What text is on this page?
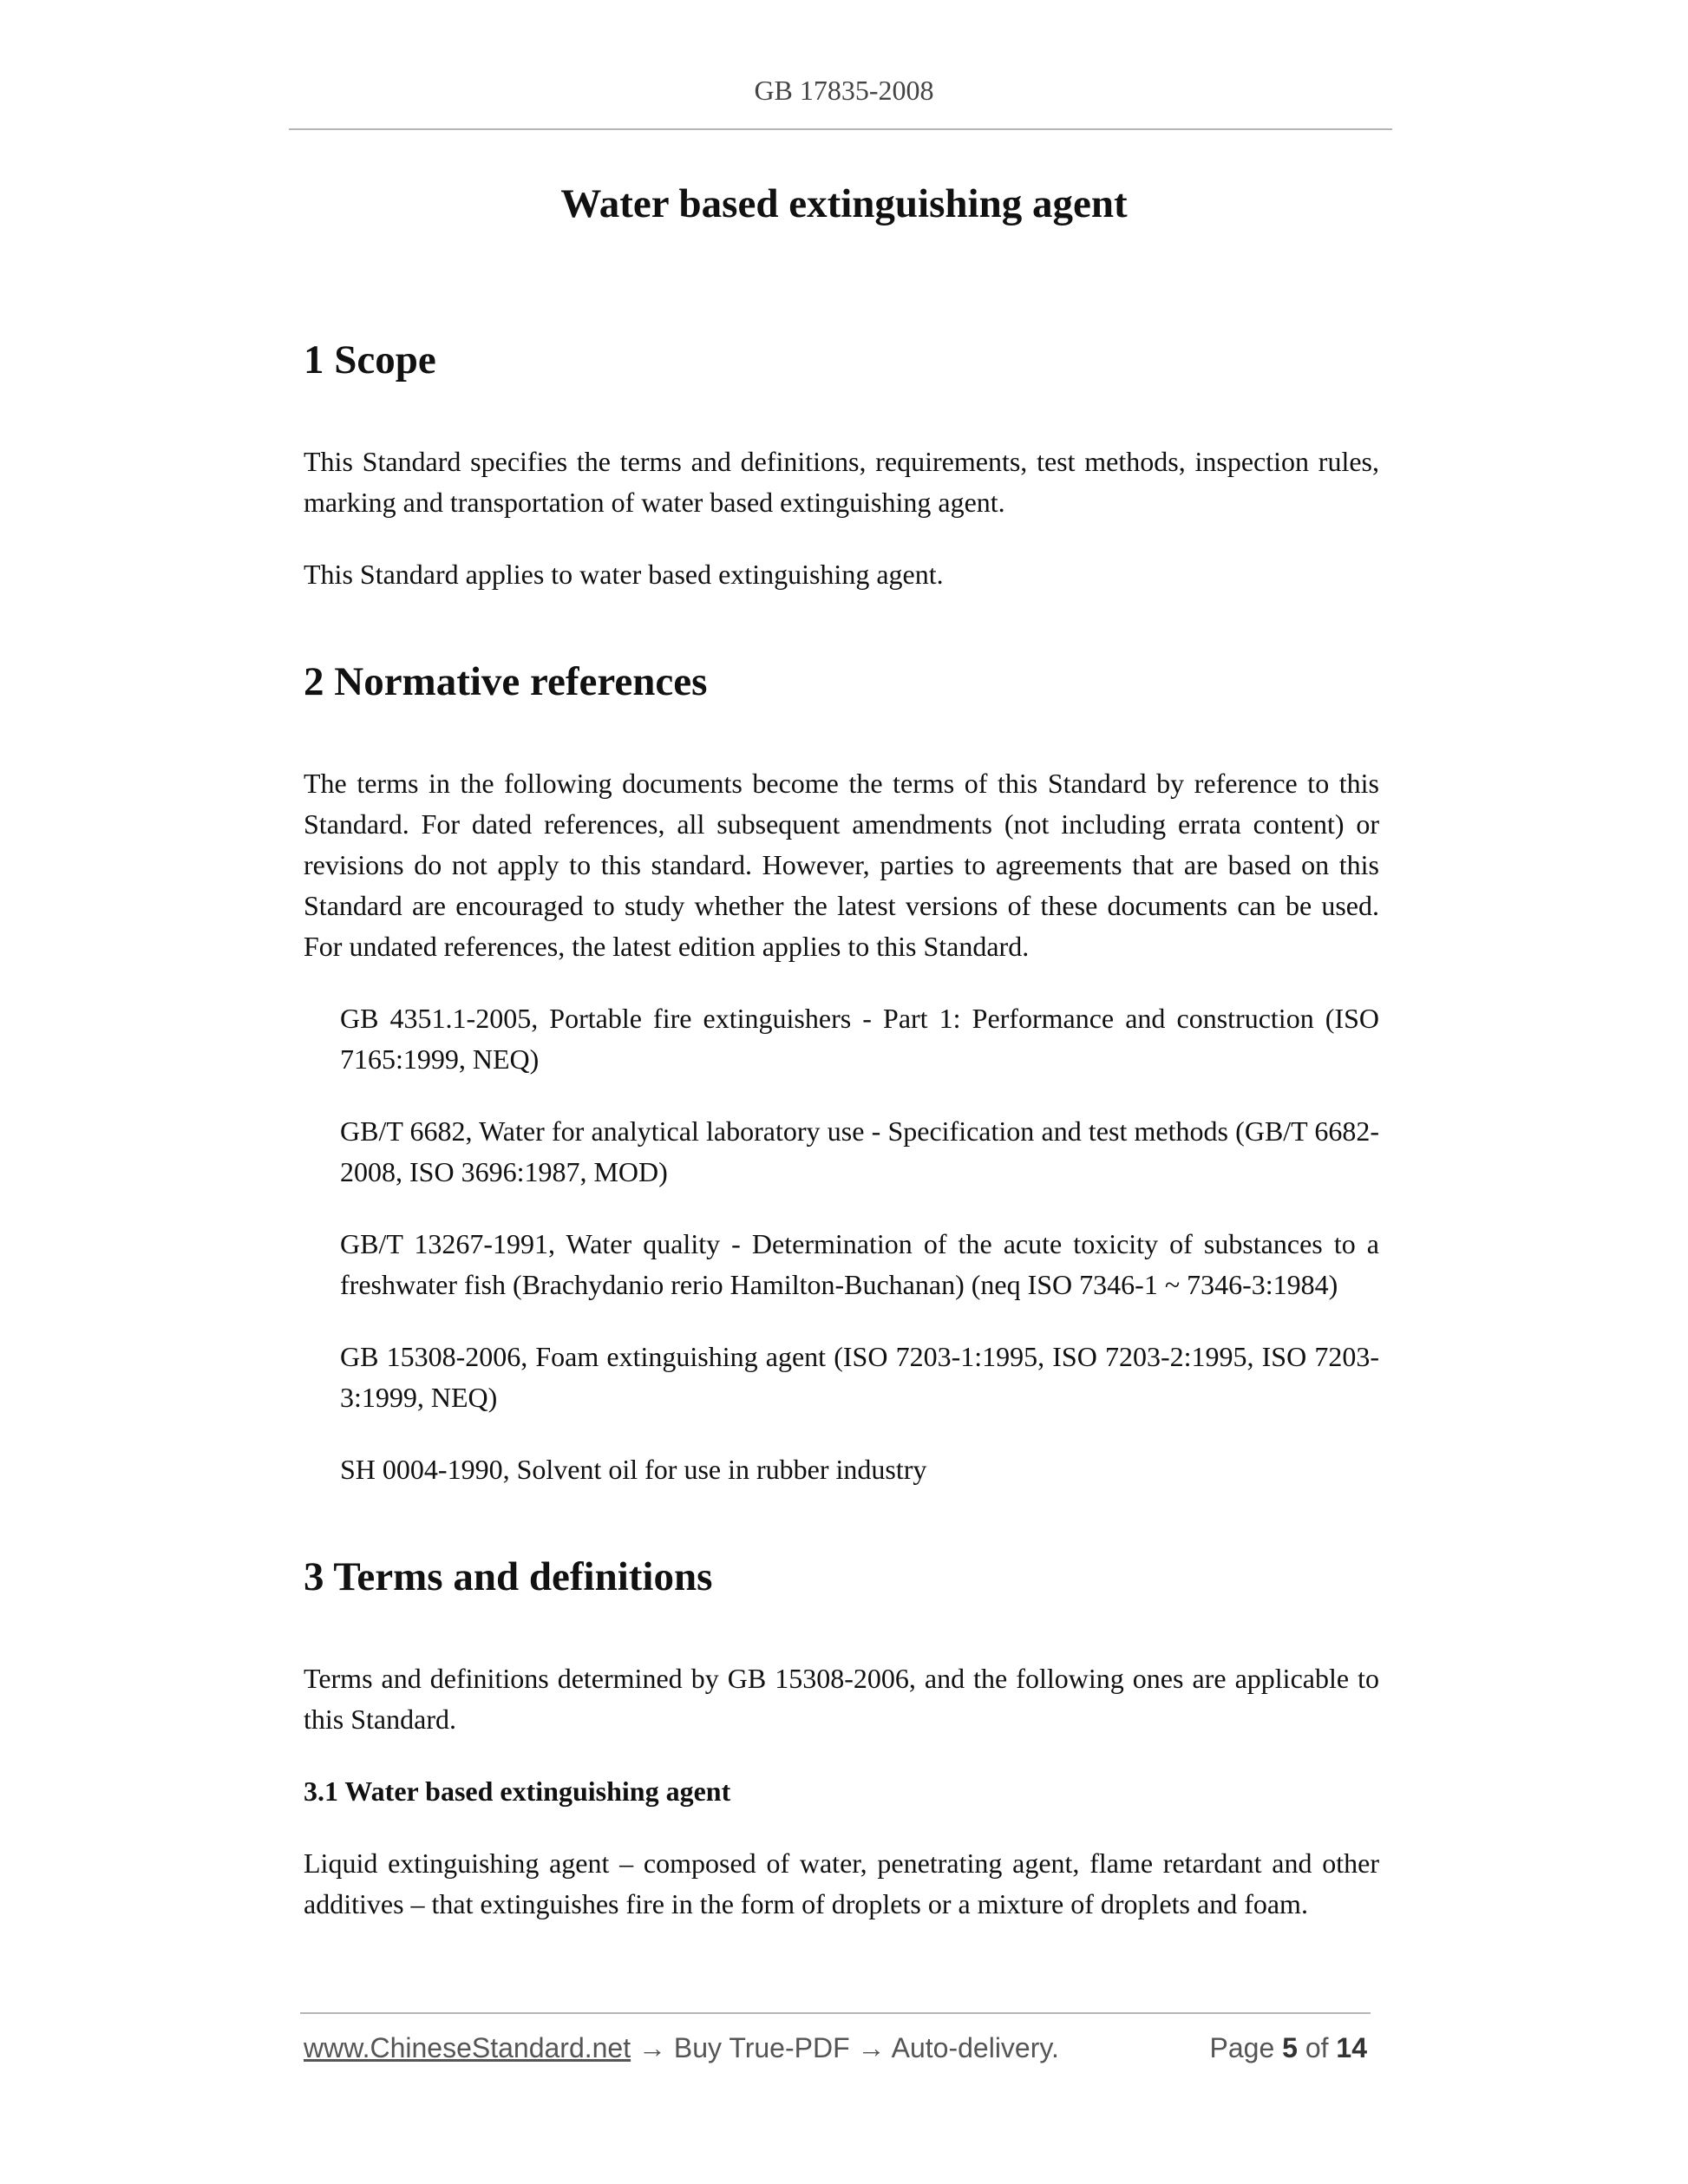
GB 17835-2008
Water based extinguishing agent
1 Scope

This Standard specifies the terms and definitions, requirements, test methods, inspection rules, marking and transportation of water based extinguishing agent.

This Standard applies to water based extinguishing agent.

2 Normative references

The terms in the following documents become the terms of this Standard by reference to this Standard. For dated references, all subsequent amendments (not including errata content) or revisions do not apply to this standard. However, parties to agreements that are based on this Standard are encouraged to study whether the latest versions of these documents can be used. For undated references, the latest edition applies to this Standard.

GB 4351.1-2005, Portable fire extinguishers - Part 1: Performance and construction (ISO 7165:1999, NEQ)

GB/T 6682, Water for analytical laboratory use - Specification and test methods (GB/T 6682-2008, ISO 3696:1987, MOD)

GB/T 13267-1991, Water quality - Determination of the acute toxicity of substances to a freshwater fish (Brachydanio rerio Hamilton-Buchanan) (neq ISO 7346-1 ~ 7346-3:1984)

GB 15308-2006, Foam extinguishing agent (ISO 7203-1:1995, ISO 7203-2:1995, ISO 7203-3:1999, NEQ)

SH 0004-1990, Solvent oil for use in rubber industry

3 Terms and definitions

Terms and definitions determined by GB 15308-2006, and the following ones are applicable to this Standard.

3.1 Water based extinguishing agent

Liquid extinguishing agent – composed of water, penetrating agent, flame retardant and other additives – that extinguishes fire in the form of droplets or a mixture of droplets and foam.

www.ChineseStandard.net → Buy True-PDF → Auto-delivery.	Page 5 of 14
